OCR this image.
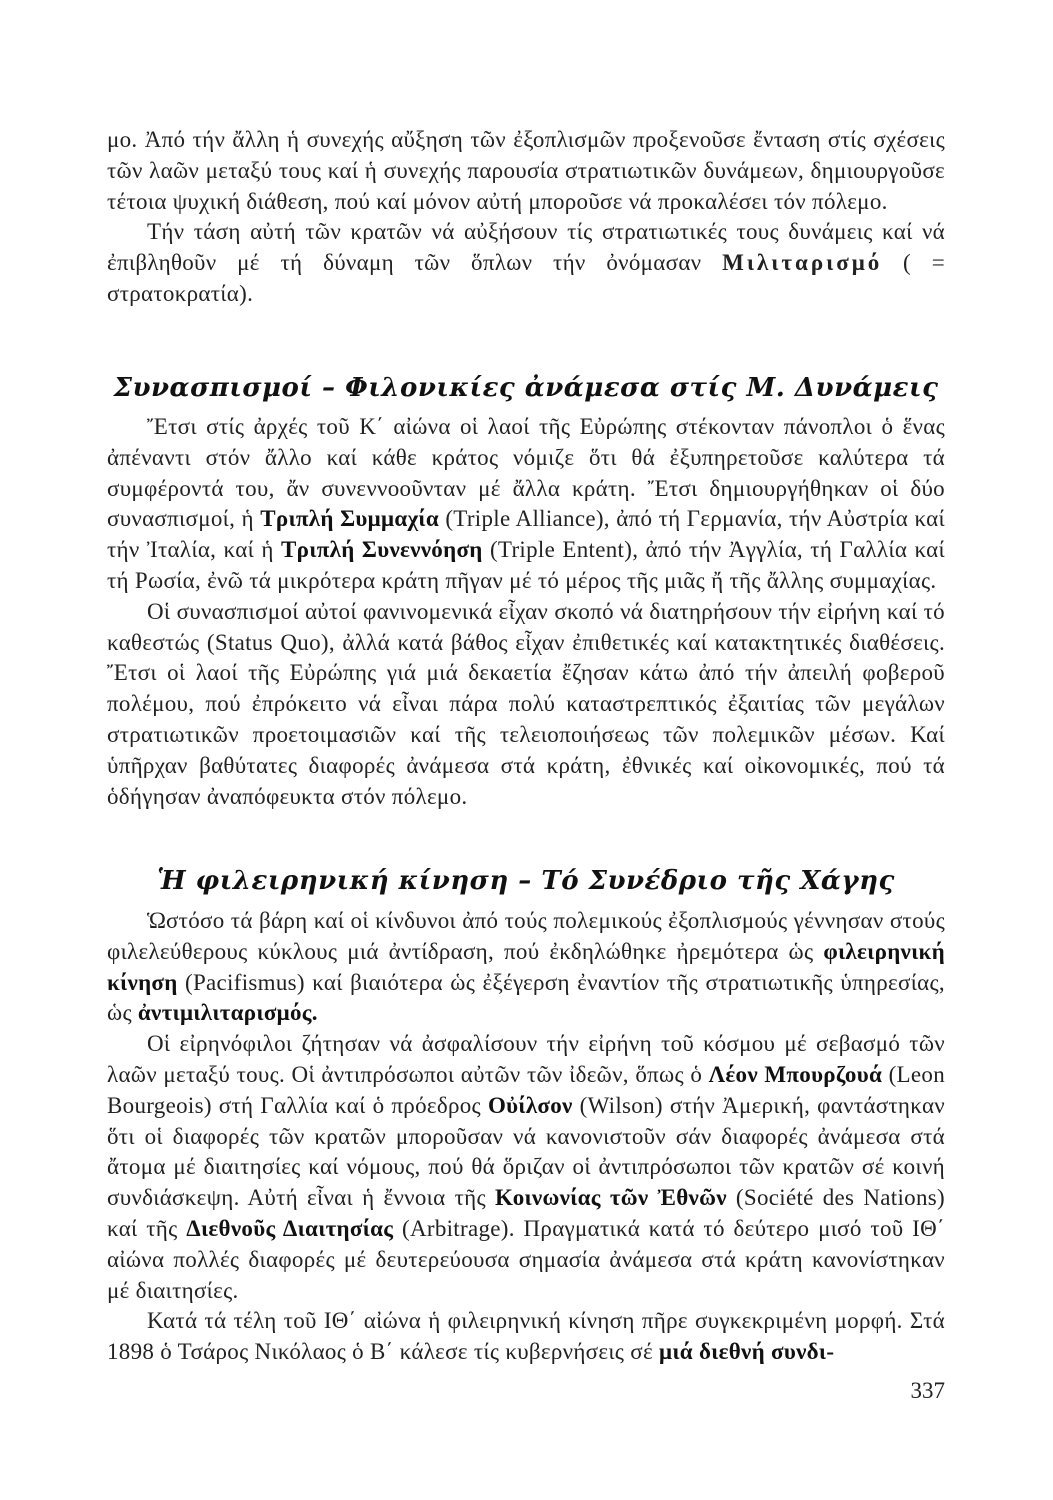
μο. Ἀπό τήν ἄλλη ἡ συνεχής αὔξηση τῶν ἐξοπλισμῶν προξενοῦσε ἔνταση στίς σχέσεις τῶν λαῶν μεταξύ τους καί ἡ συνεχής παρουσία στρατιωτικῶν δυνάμεων, δημιουργοῦσε τέτοια ψυχική διάθεση, πού καί μόνον αὐτή μποροῦσε νά προκαλέσει τόν πόλεμο.

Τήν τάση αὐτή τῶν κρατῶν νά αὐξήσουν τίς στρατιωτικές τους δυνάμεις καί νά ἐπιβληθοῦν μέ τή δύναμη τῶν ὅπλων τήν ὀνόμασαν Μιλιταρισμό ( = στρατοκρατία).

Συνασπισμοί – Φιλονικίες ἀνάμεσα στίς Μ. Δυνάμεις

Ἔτσι στίς ἀρχές τοῦ Κ΄ αἰώνα οἱ λαοί τῆς Εὐρώπης στέκονταν πάνοπλοι ὁ ἕνας ἀπέναντι στόν ἄλλο καί κάθε κράτος νόμιζε ὅτι θά ἐξυπηρετοῦσε καλύτερα τά συμφέροντά του, ἄν συνεννοοῦνταν μέ ἄλλα κράτη. Ἔτσι δημιουργήθηκαν οἱ δύο συνασπισμοί, ἡ Τριπλή Συμμαχία (Triple Alliance), ἀπό τή Γερμανία, τήν Αὐστρία καί τήν Ἰταλία, καί ἡ Τριπλή Συνεννόηση (Triple Entent), ἀπό τήν Ἀγγλία, τή Γαλλία καί τή Ρωσία, ἐνῶ τά μικρότερα κράτη πῆγαν μέ τό μέρος τῆς μιᾶς ἤ τῆς ἄλλης συμμαχίας.

Οἱ συνασπισμοί αὐτοί φανινομενικά εἶχαν σκοπό νά διατηρήσουν τήν εἰρήνη καί τό καθεστώς (Status Quo), ἀλλά κατά βάθος εἶχαν ἐπιθετικές καί κατακτητικές διαθέσεις. Ἔτσι οἱ λαοί τῆς Εὐρώπης γιά μιά δεκαετία ἔζησαν κάτω ἀπό τήν ἀπειλή φοβεροῦ πολέμου, πού ἐπρόκειτο νά εἶναι πάρα πολύ καταστρεπτικός ἐξαιτίας τῶν μεγάλων στρατιωτικῶν προετοιμασιῶν καί τῆς τελειοποιήσεως τῶν πολεμικῶν μέσων. Καί ὑπῆρχαν βαθύτατες διαφορές ἀνάμεσα στά κράτη, ἐθνικές καί οἰκονομικές, πού τά ὁδήγησαν ἀναπόφευκτα στόν πόλεμο.

Ἡ φιλειρηνική κίνηση – Τό Συνέδριο τῆς Χάγης

Ὡστόσο τά βάρη καί οἱ κίνδυνοι ἀπό τούς πολεμικούς ἐξοπλισμούς γέννησαν στούς φιλελεύθερους κύκλους μιά ἀντίδραση, πού ἐκδηλώθηκε ἠρεμότερα ὡς φιλειρηνική κίνηση (Pacifismus) καί βιαιότερα ὡς ἐξέγερση ἐναντίον τῆς στρατιωτικῆς ὑπηρεσίας, ὡς ἀντιμιλιταρισμός.

Οἱ εἰρηνόφιλοι ζήτησαν νά ἀσφαλίσουν τήν εἰρήνη τοῦ κόσμου μέ σεβασμό τῶν λαῶν μεταξύ τους. Οἱ ἀντιπρόσωποι αὐτῶν τῶν ἰδεῶν, ὅπως ὁ Λέον Μπουρζουά (Leon Bourgeois) στή Γαλλία καί ὁ πρόεδρος Οὐίλσον (Wilson) στήν Ἀμερική, φαντάστηκαν ὅτι οἱ διαφορές τῶν κρατῶν μποροῦσαν νά κανονιστοῦν σάν διαφορές ἀνάμεσα στά ἄτομα μέ διαιτησίες καί νόμους, πού θά ὅριζαν οἱ ἀντιπρόσωποι τῶν κρατῶν σέ κοινή συνδιάσκεψη. Αὐτή εἶναι ἡ ἔννοια τῆς Κοινωνίας τῶν Ἐθνῶν (Société des Nations) καί τῆς Διεθνοῦς Διαιτησίας (Arbitrage). Πραγματικά κατά τό δεύτερο μισό τοῦ ΙΘ΄ αἰώνα πολλές διαφορές μέ δευτερεύουσα σημασία ἀνάμεσα στά κράτη κανονίστηκαν μέ διαιτησίες.

Κατά τά τέλη τοῦ ΙΘ΄ αἰώνα ἡ φιλειρηνική κίνηση πῆρε συγκεκριμένη μορφή. Στά 1898 ὁ Τσάρος Νικόλαος ὁ Β΄ κάλεσε τίς κυβερνήσεις σέ μιά διεθνή συνδι-

337
